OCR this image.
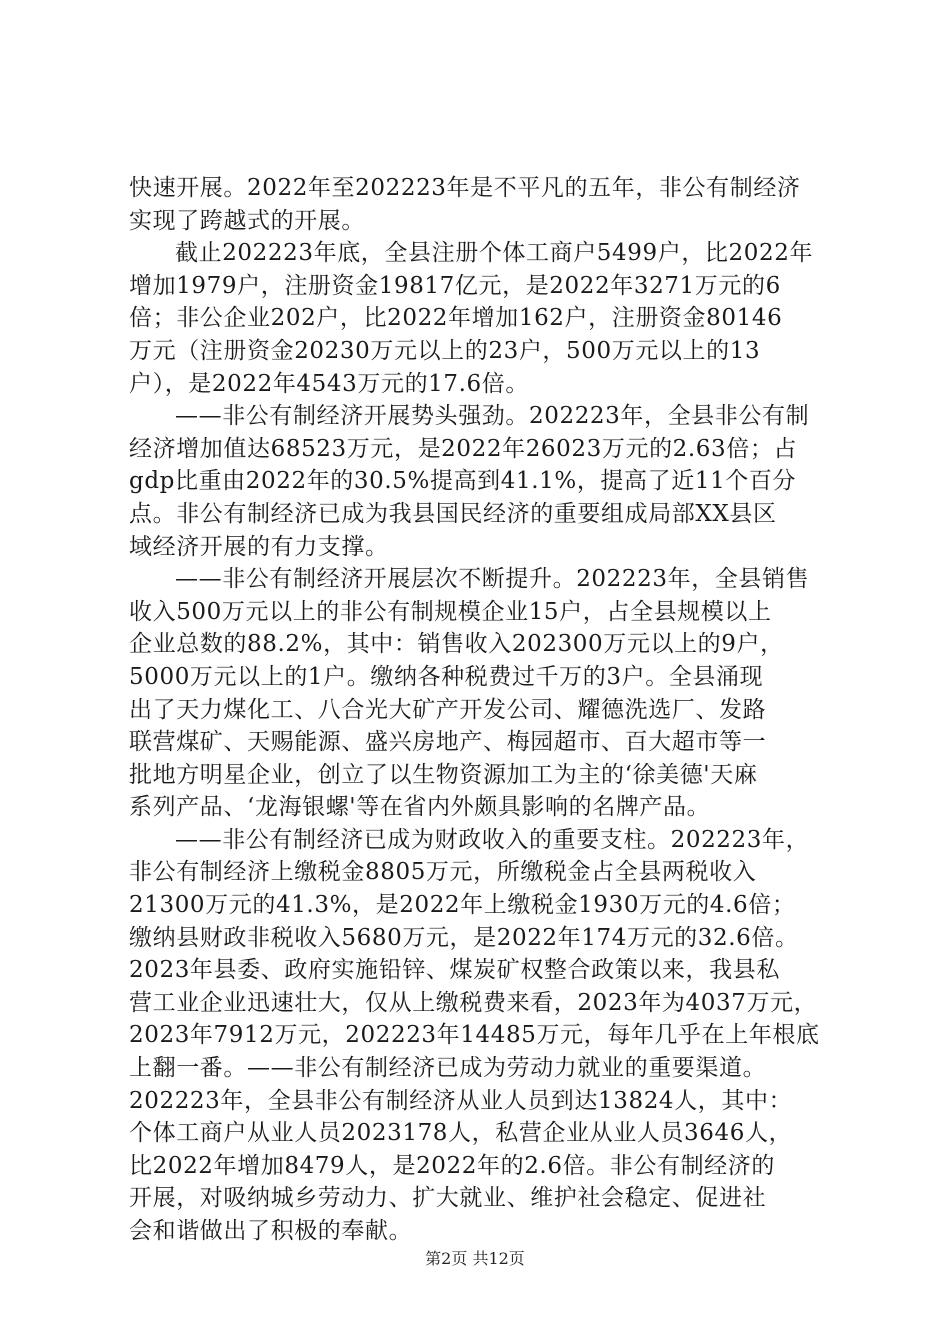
快速开展。2022年至202223年是不平凡的五年，非公有制经济
实现了跨越式的开展。
截止202223年底，全县注册个体工商户5499户，比2022年
增加1979户，注册资金19817亿元，是2022年3271万元的6
倍；非公企业202户，比2022年增加162户，注册资金80146
万元（注册资金20230万元以上的23户，500万元以上的13
户），是2022年4543万元的17.6倍。
——非公有制经济开展势头强劲。202223年，全县非公有制
经济增加值达68523万元，是2022年26023万元的2.63倍；占
gdp比重由2022年的30.5%提高到41.1%，提高了近11个百分
点。非公有制经济已成为我县国民经济的重要组成局部XX县区
域经济开展的有力支撑。
——非公有制经济开展层次不断提升。202223年，全县销售
收入500万元以上的非公有制规模企业15户，占全县规模以上
企业总数的88.2%，其中：销售收入202300万元以上的9户，
5000万元以上的1户。缴纳各种税费过千万的3户。全县涌现
出了天力煤化工、八合光大矿产开发公司、耀德洗选厂、发路
联营煤矿、天赐能源、盛兴房地产、梅园超市、百大超市等一
批地方明星企业，创立了以生物资源加工为主的‘徐美德'天麻
系列产品、‘龙海银螺'等在省内外颇具影响的名牌产品。
——非公有制经济已成为财政收入的重要支柱。202223年，
非公有制经济上缴税金8805万元，所缴税金占全县两税收入
21300万元的41.3%，是2022年上缴税金1930万元的4.6倍；
缴纳县财政非税收入5680万元，是2022年174万元的32.6倍。
2023年县委、政府实施铅锌、煤炭矿权整合政策以来，我县私
营工业企业迅速壮大，仅从上缴税费来看，2023年为4037万元，
2023年7912万元，202223年14485万元，每年几乎在上年根底
上翻一番。——非公有制经济已成为劳动力就业的重要渠道。
202223年，全县非公有制经济从业人员到达13824人，其中：
个体工商户从业人员2023178人，私营企业从业人员3646人，
比2022年增加8479人，是2022年的2.6倍。非公有制经济的
开展，对吸纳城乡劳动力、扩大就业、维护社会稳定、促进社
会和谐做出了积极的奉献。
第2页 共12页
